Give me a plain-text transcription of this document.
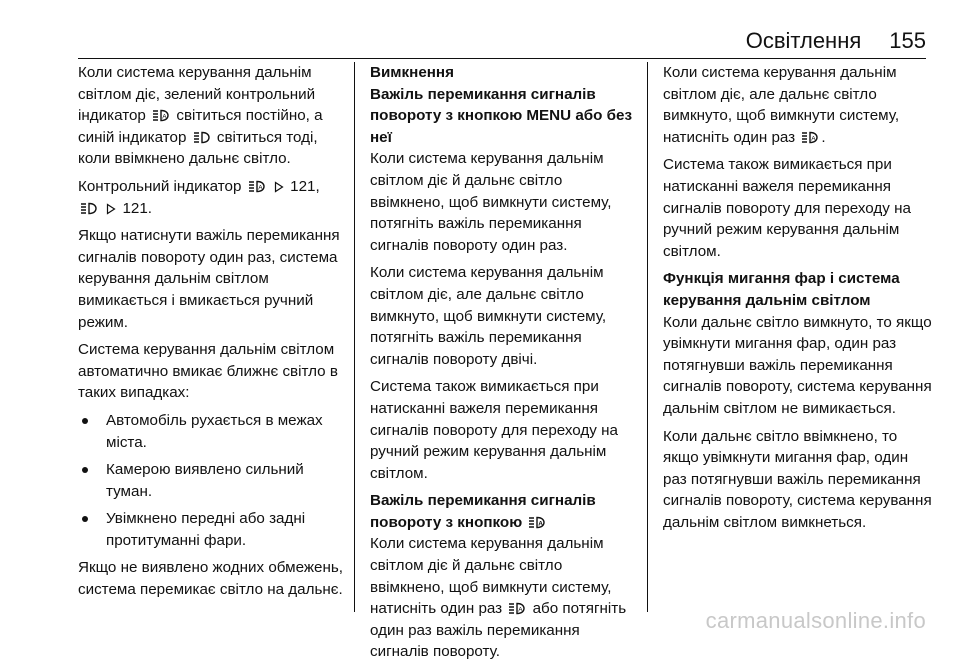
Освітлення 155

Коли система керування дальнім світлом діє, зелений контрольний індикатор	A світиться постійно, а синій індикатор світиться тоді, коли ввімкнено дальнє світло.

Контрольний індикатор	A 121,
121.

Якщо натиснути важіль перемикання сигналів повороту один раз, система керування дальнім світлом вимикається і вмикається ручний режим.

Система керування дальнім світлом автоматично вмикає ближнє світло в таких випадках:

Автомобіль рухається в межах міста.
Камерою виявлено сильний туман.
Увімкнено передні або задні протитуманні фари.

Якщо не виявлено жодних обмежень, система перемикає світло на дальнє.

Вимкнення

Важіль перемикання сигналів повороту з кнопкою MENU або без неї

Коли система керування дальнім світлом діє й дальнє світло ввімкнено, щоб вимкнути систему, потягніть важіль перемикання сигналів повороту один раз.

Коли система керування дальнім світлом діє, але дальнє світло вимкнуто, щоб вимкнути систему, потягніть важіль перемикання сигналів повороту двічі.

Система також вимикається при натисканні важеля перемикання сигналів повороту для переходу на ручний режим керування дальнім світлом.

Важіль перемикання сигналів повороту з кнопкою	A

Коли система керування дальнім світлом діє й дальнє світло ввімкнено, щоб вимкнути систему, натисніть один раз	A або потягніть один раз важіль перемикання сигналів повороту.

Коли система керування дальнім світлом діє, але дальнє світло вимкнуто, щоб вимкнути систему, натисніть один раз	A .

Система також вимикається при натисканні важеля перемикання сигналів повороту для переходу на ручний режим керування дальнім світлом.

Функція мигання фар і система керування дальнім світлом

Коли дальнє світло вимкнуто, то якщо увімкнути мигання фар, один раз потягнувши важіль перемикання сигналів повороту, система керування дальнім світлом не вимикається.

Коли дальнє світло ввімкнено, то якщо увімкнути мигання фар, один раз потягнувши важіль перемикання сигналів повороту, система керування дальнім світлом вимкнеться.

carmanualsonline.info
